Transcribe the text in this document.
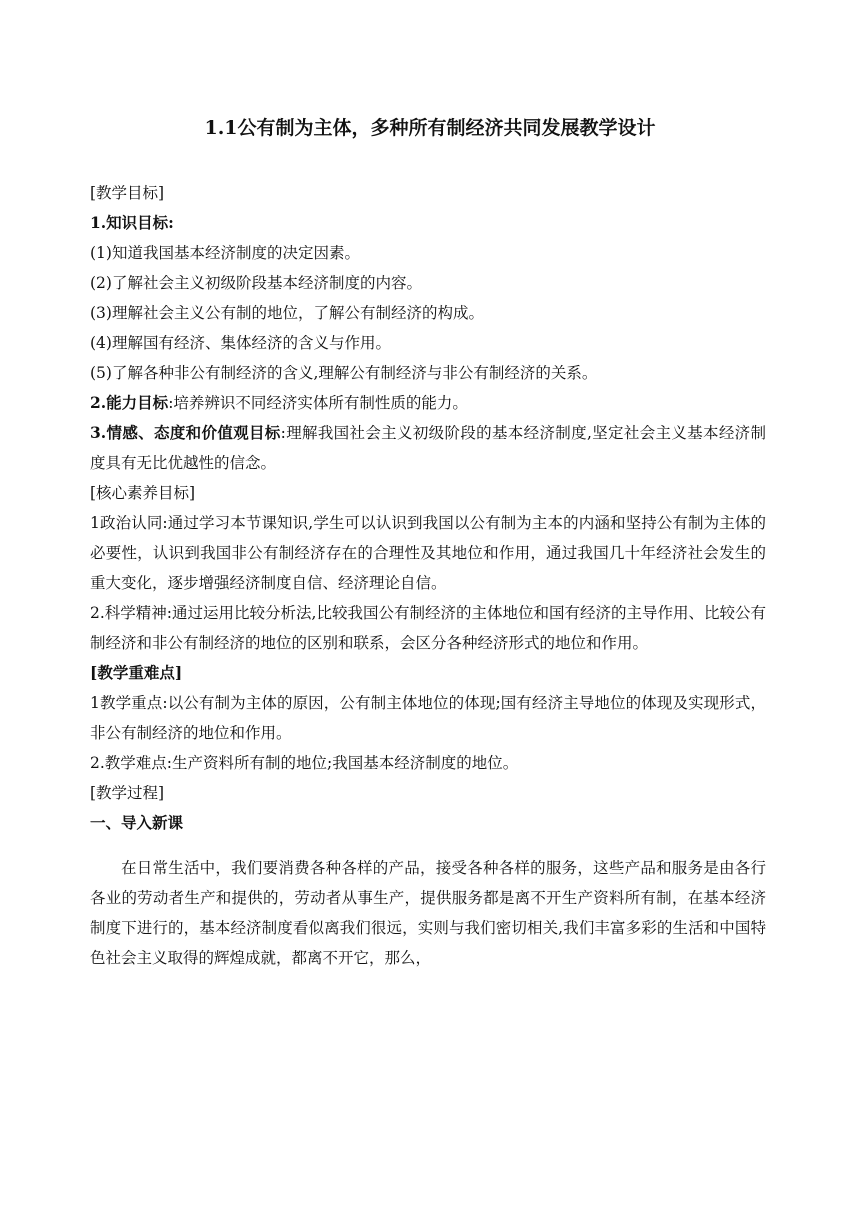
1.1公有制为主体，多种所有制经济共同发展教学设计

[教学目标]

1.知识目标:

(1)知道我国基本经济制度的决定因素。

(2)了解社会主义初级阶段基本经济制度的内容。

(3)理解社会主义公有制的地位，了解公有制经济的构成。

(4)理解国有经济、集体经济的含义与作用。

(5)了解各种非公有制经济的含义,理解公有制经济与非公有制经济的关系。

2.能力目标:培养辨识不同经济实体所有制性质的能力。

3.情感、态度和价值观目标:理解我国社会主义初级阶段的基本经济制度,坚定社会主义基本经济制度具有无比优越性的信念。

[核心素养目标]

1政治认同:通过学习本节课知识,学生可以认识到我国以公有制为主本的内涵和坚持公有制为主体的必要性，认识到我国非公有制经济存在的合理性及其地位和作用，通过我国几十年经济社会发生的重大变化，逐步增强经济制度自信、经济理论自信。

2.科学精神:通过运用比较分析法,比较我国公有制经济的主体地位和国有经济的主导作用、比较公有制经济和非公有制经济的地位的区别和联系，会区分各种经济形式的地位和作用。

[教学重难点]

1教学重点:以公有制为主体的原因，公有制主体地位的体现;国有经济主导地位的体现及实现形式，非公有制经济的地位和作用。

2.教学难点:生产资料所有制的地位;我国基本经济制度的地位。

[教学过程]

一、导入新课

在日常生活中，我们要消费各种各样的产品，接受各种各样的服务，这些产品和服务是由各行各业的劳动者生产和提供的，劳动者从事生产，提供服务都是离不开生产资料所有制，在基本经济制度下进行的，基本经济制度看似离我们很远，实则与我们密切相关,我们丰富多彩的生活和中国特色社会主义取得的辉煌成就，都离不开它，那么，
